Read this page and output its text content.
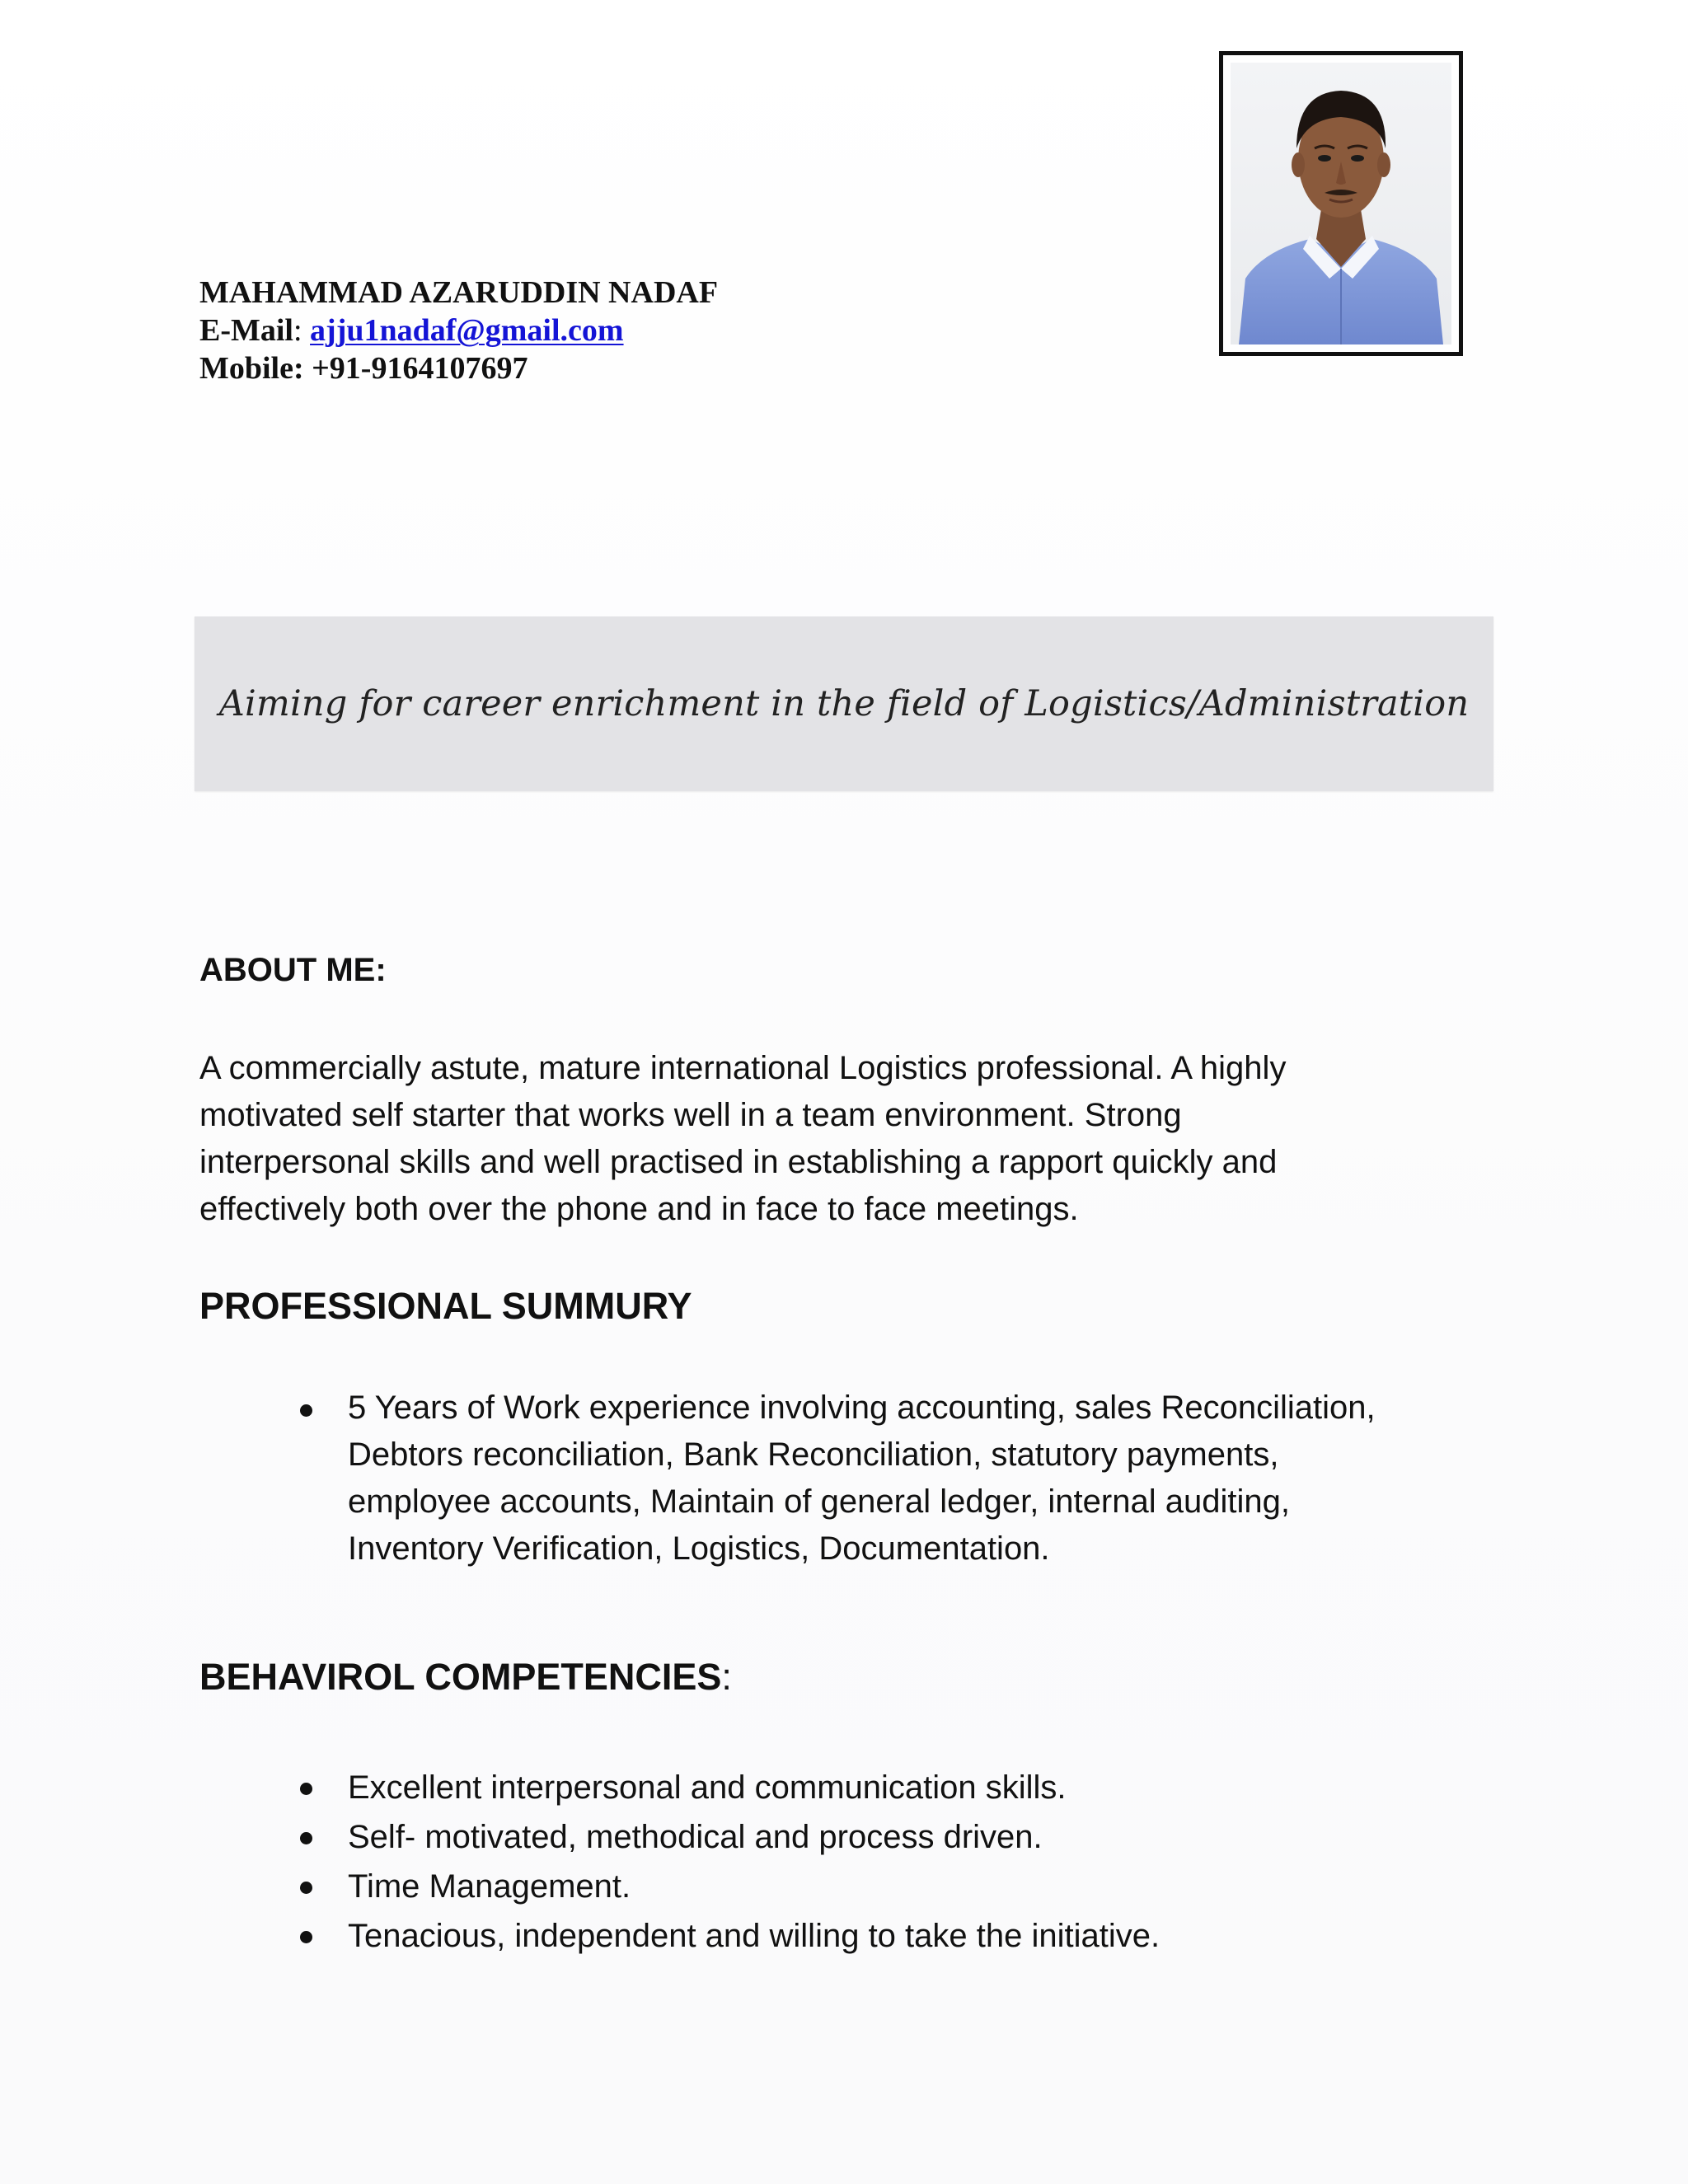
MAHAMMAD AZARUDDIN NADAF
E-Mail: ajju1nadaf@gmail.com
Mobile: +91-9164107697
Aiming for career enrichment in the field of Logistics/Administration
ABOUT ME:
A commercially astute, mature international Logistics professional. A highly
motivated self starter that works well in a team environment. Strong
interpersonal skills and well practised in establishing a rapport quickly and
effectively both over the phone and in face to face meetings.
PROFESSIONAL SUMMURY
5 Years of Work experience involving accounting, sales Reconciliation,
Debtors reconciliation, Bank Reconciliation, statutory payments,
employee accounts, Maintain of general ledger, internal auditing,
Inventory Verification, Logistics, Documentation.
BEHAVIROL COMPETENCIES:
Excellent interpersonal and communication skills.
Self- motivated, methodical and process driven.
Time Management.
Tenacious, independent and willing to take the initiative.
